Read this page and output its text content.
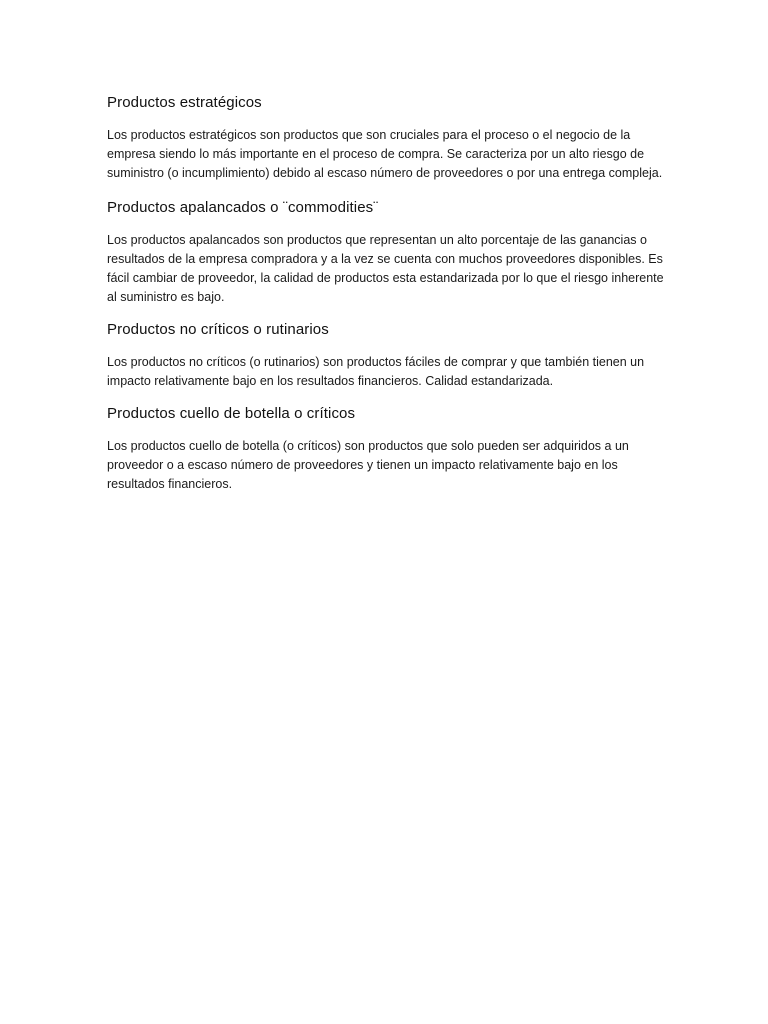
Productos estratégicos

Los productos estratégicos son productos que son cruciales para el proceso o el negocio de la empresa siendo lo más importante en el proceso de compra. Se caracteriza por un alto riesgo de suministro (o incumplimiento) debido al escaso número de proveedores o por una entrega compleja.

Productos apalancados o ¨commodities¨

Los productos apalancados son productos que representan un alto porcentaje de las ganancias o resultados de la empresa compradora y a la vez se cuenta con muchos proveedores disponibles. Es fácil cambiar de proveedor, la calidad de productos esta estandarizada por lo que el riesgo inherente al suministro es bajo.

Productos no críticos o rutinarios

Los productos no críticos (o rutinarios) son productos fáciles de comprar y que también tienen un impacto relativamente bajo en los resultados financieros. Calidad estandarizada.

Productos cuello de botella o críticos

Los productos cuello de botella (o críticos) son productos que solo pueden ser adquiridos a un proveedor o a escaso número de proveedores y tienen un impacto relativamente bajo en los resultados financieros.
